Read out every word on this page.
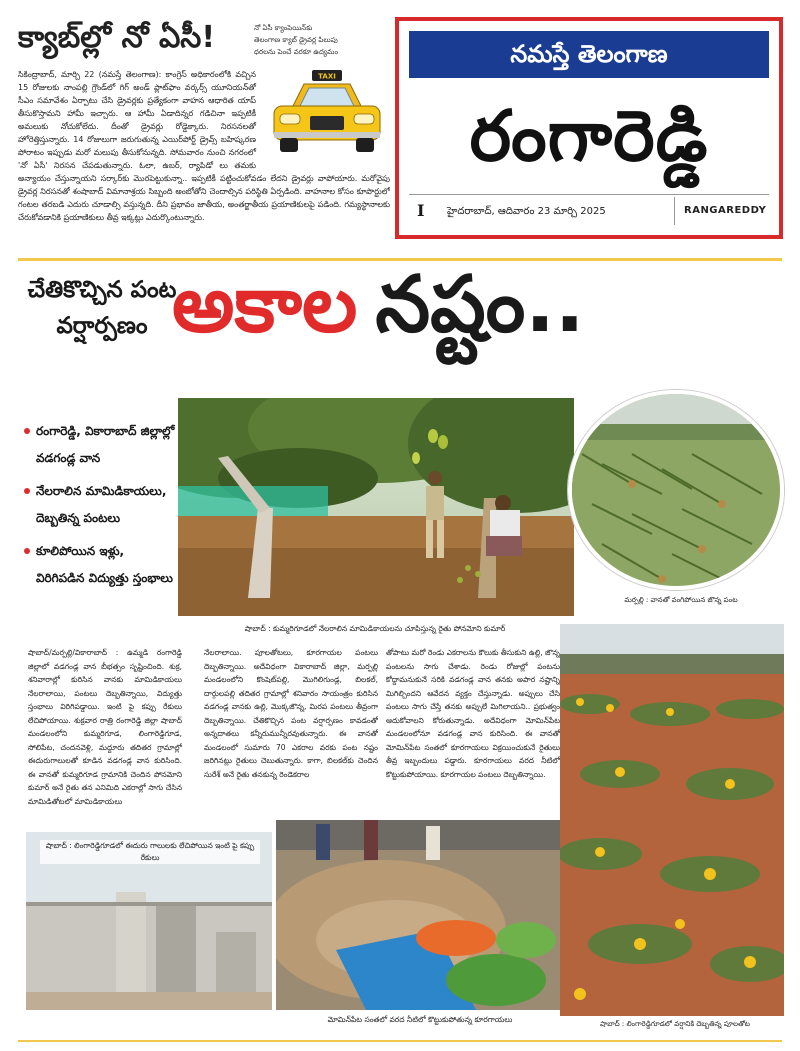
క్యాబ్‌ల్లో నో ఏసీ!	నో ఏసీ క్యాంపెయిన్‌కు
తెలంగాణ క్యాబ్ డ్రైవర్ల పిలుపు
ధరలను పెంచే వరకూ ఉద్యమం
TAXI
సికింద్రాబాద్, మార్చి 22 (నమస్తే తెలంగాణ): కాంగ్రెస్ అధికారంలోకి వచ్చిన 15 రోజులకు నాంపల్లి గ్రౌండ్‌లో గిగ్ అండ్ ప్లాట్‌ఫాం వర్కర్స్ యూనియన్‌తో సీఎం సమావేశం ఏర్పాటు చేసి డ్రైవర్లకు ప్రత్యేకంగా వాహన ఆధారిత యాప్ తీసుకొస్తామని హామీ ఇచ్చారు. ఆ హామీ ఏడాదిన్నర గడిచినా ఇప్పటికీ అమలుకు నోచుకోలేదు. దీంతో డ్రైవర్లు రోడ్డెక్కారు. నిరసనలతో హోరెత్తిస్తున్నారు. 14 రోజులుగా జరుగుతున్న ఎయిర్‌పోర్ట్ డ్రైవ్స్ బహిష్కరణ పోరాటం ఇప్పుడు మరో మలుపు తీసుకోనున్నది. సోమవారం నుంచి నగరంలో 'నో ఏసీ' నిరసన చేపడుతున్నారు. ఓలా, ఉబర్, ర్యాపిడో లు తమకు అన్యాయం చేస్తున్నాయని సర్కార్‌కు మొరపెట్టుకున్నా.. ఇప్పటికీ పట్టించుకోవడం లేదని డ్రైవర్లు వాపోయారు. మరోవైపు డ్రైవర్ల నిరసనతో శంషాబాద్ విమానాశ్రయ సిబ్బంది అంబోతోని చెందాల్సిన పరిస్థితి ఏర్పడింది. వాహనాల కోసం కూపొర్టులో గంటల తరబడి ఎదురు చూడాల్సి వస్తున్నది. దీని ప్రభావం జాతీయ, అంతర్జాతీయ ప్రయాణికులపై పడింది. గమ్యస్థానాలకు చేరుకోవడానికి ప్రయాణికులు తీవ్ర ఇక్కట్లు ఎదుర్కొంటున్నారు.
నమస్తే తెలంగాణ
రంగారెడ్డి
I హైదరాబాద్, ఆదివారం 23 మార్చి 2025	RANGAREDDY
చేతికొచ్చిన పంట వర్షార్పణం అకాల నష్టం..
రంగారెడ్డి, వికారాబాద్ జిల్లాల్లో వడగండ్ల వాన
నేలరాలిన మామిడికాయలు, దెబ్బతిన్న పంటలు
కూలిపోయిన ఇళ్లు, విరిగిపడిన విద్యుత్తు స్తంభాలు
మర్పల్లి : వానతో వంగిపోయిన జొన్న పంట
షాబాద్ : కుమ్మరిగూడలో నేలరాలిన మామిడికాయలను చూపిస్తున్న రైతు పోనమోని కుమార్
షాబాద్/మర్పల్లి/వికారాబాద్ : ఉమ్మడి రంగారెడ్డి జిల్లాలో వడగండ్ల వాన బీభత్సం సృష్టించింది. శుక్ర, శనివారాల్లో కురిసిన వానకు మామిడికాయలు నేలరాలాయి, పంటలు దెబ్బతిన్నాయి, విద్యుత్తు స్తంభాలు విరిగిపడ్డాయి. ఇంటి పై కప్పు రేకులు లేచిపోయాయి. శుక్రవార రాత్రి రంగారెడ్డి జిల్లా షాబాద్ మండలంలోని కుమ్మరిగూడ, లింగారెడ్డిగూడ, సోలిపేట, చందనవెళ్లి, మద్దూరు తదితర గ్రామాల్లో ఈదురుగాలులతో కూడిన వడగండ్ల వాన కురిసింది. ఈ వానతో కుమ్మరిగూడ గ్రామానికి చెందిన పోనమోని కుమార్ అనే రైతు తన ఎనిమిది ఎకరాల్లో సాగు చేసిన మామిడితోటలో మామిడికాయలు
నేలరాలాయి. పూలతోటలు, కూరగాయల పంటలు దెబ్బతిన్నాయి. అదేవిధంగా వికారాబాద్ జిల్లా, మర్పల్లి మండలంలోని కొంషెట్‌పల్లి, మొగిలిగుండ్ల, బిలకల్, దార్గులపల్లి తదితర గ్రామాల్లో శనివారం సాయంత్రం కురిసిన వడగండ్ల వానకు ఉల్లి, మొక్కజొన్న, మిరప పంటలు తీవ్రంగా దెబ్బతిన్నాయి. చేతికొచ్చిన పంట వర్షార్పణం కావడంతో అన్నదాతలు కన్నీరుమున్నీరవుతున్నారు. ఈ వానతో మండలంలో సుమారు 70 ఎకరాల వరకు పంట నష్టం జరిగినట్లు రైతులు చెబుతున్నారు. కాగా, బిలకల్‌కు చెందిన సురేశ్ అనే రైతు తనకున్న రెండెకరాల
తోపాటు మరో రెండు ఎకరాలను కౌలుకు తీసుకుని ఉల్లి, జొన్న పంటలను సాగు చేశాడు. రెండు రోజుల్లో పంటను కోద్దామనుకునే సరికి వడగండ్ల వాన తనకు అపార నష్టాన్ని మిగిల్చిందని ఆవేదన వ్యక్తం చేస్తున్నాడు. అప్పులు చేసి పంటలు సాగు చేస్తే తనకు అప్పులే మిగిలాయని.. ప్రభుత్వం ఆదుకోవాలని కోరుతున్నాడు. అదేవిధంగా మోమిన్‌పేట మండలంలోనూ వడగండ్ల వాన కురిసింది. ఈ వానతో మోమిన్‌పేట సంతలో కూరగాయలు విక్రయించుకునే రైతులు తీవ్ర ఇబ్బందులు పడ్డారు. కూరగాయలు వరద నీటిలో కొట్టుకుపోయాయి. కూరగాయల పంటలు దెబ్బతిన్నాయి.
షాబాద్ : లింగారెడ్డిగూడలో ఈదురు గాలులకు లేచిపోయిన ఇంటి పై కప్పు రేకులు
మోమిన్‌పేట సంతలో వరద నీటిలో కొట్టుకుపోతున్న కూరగాయలు	షాబాద్ : లింగారెడ్డిగూడలో వర్షానికి దెబ్బతిన్న పూలతోట
